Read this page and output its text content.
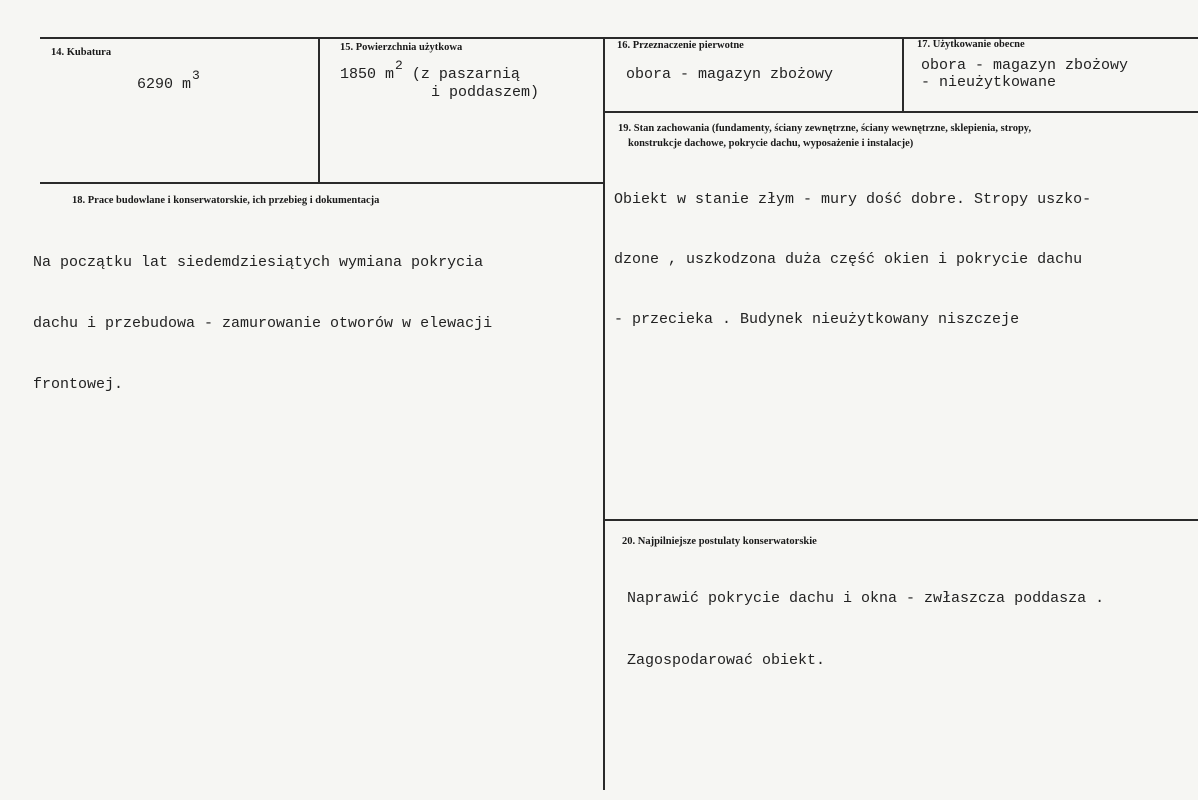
14. Kubatura
6290 m3
15. Powierzchnia użytkowa
1850 m2 (z paszarnią
i poddaszem)
16. Przeznaczenie pierwotne
obora - magazyn zbożowy
17. Użytkowanie obecne
obora - magazyn zbożowy
- nieużytkowane
18. Prace budowlane i konserwatorskie, ich przebieg i dokumentacja

Na początku lat siedemdziesiątych wymiana pokrycia

dachu i przebudowa - zamurowanie otworów w elewacji

frontowej.

19. Stan zachowania (fundamenty, ściany zewnętrzne, ściany wewnętrzne, sklepienia, stropy,
konstrukcje dachowe, pokrycie dachu, wyposażenie i instalacje)

Obiekt w stanie złym - mury dość dobre. Stropy uszko-

dzone , uszkodzona duża część okien i pokrycie dachu

- przecieka . Budynek nieużytkowany niszczeje

20. Najpilniejsze postulaty konserwatorskie

Naprawić pokrycie dachu i okna - zwłaszcza poddasza .

Zagospodarować obiekt.
